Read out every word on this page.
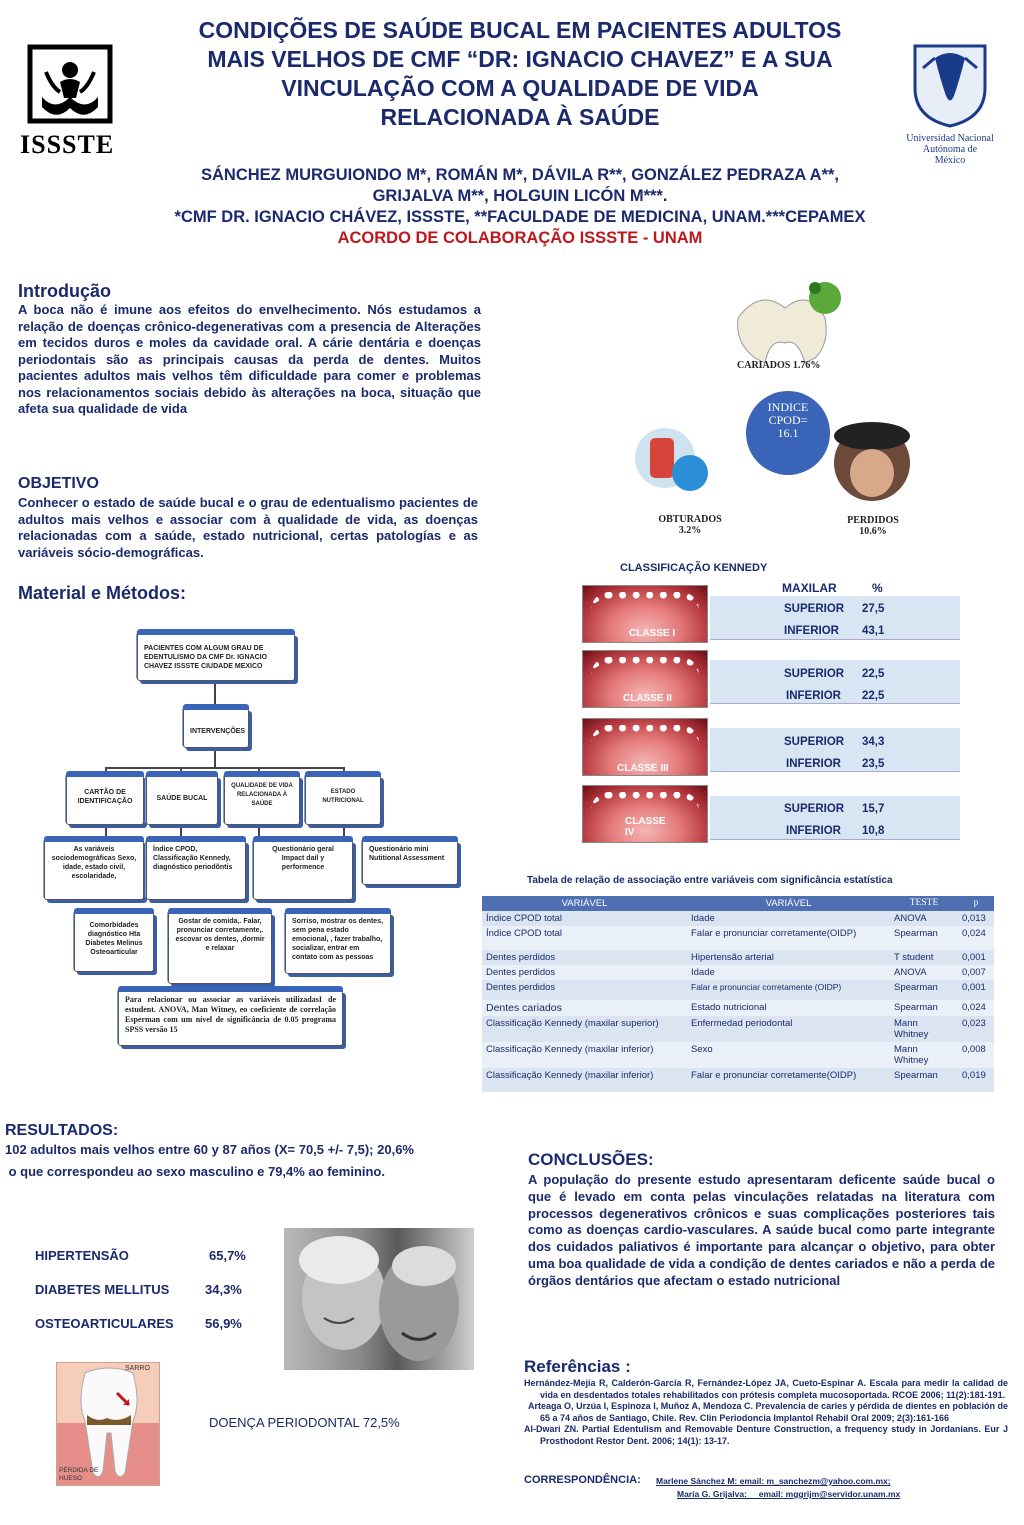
ISSSTE	Universidad Nacional
Autónoma de
México
CONDIÇÕES DE SAÚDE BUCAL EM PACIENTES ADULTOS
MAIS VELHOS DE CMF “DR: IGNACIO CHAVEZ” E A SUA
VINCULAÇÃO COM A QUALIDADE DE VIDA
RELACIONADA À SAÚDE
SÁNCHEZ MURGUIONDO M*, ROMÁN M*, DÁVILA R**, GONZÁLEZ PEDRAZA A**,
GRIJALVA M**, HOLGUIN LICÓN M***.
*CMF DR. IGNACIO CHÁVEZ, ISSSTE, **FACULDADE DE MEDICINA, UNAM.***CEPAMEX
ACORDO DE COLABORAÇÃO ISSSTE - UNAM
Introdução
A boca não é imune aos efeitos do envelhecimento. Nós estudamos a relação de doenças crônico-degenerativas com a presencia de Alterações em tecidos duros e moles da cavidade oral. A cárie dentária e doenças periodontais são as principais causas da perda de dentes. Muitos pacientes adultos mais velhos têm dificuldade para comer e problemas nos relacionamentos sociais debido às alterações na boca, situação que afeta sua qualidade de vida	INDICE
CPOD=
16.1
CARIADOS 1.76%
OBTURADOS
3.2%
PERDIDOS
10.6%
OBJETIVO
Conhecer o estado de saúde bucal e o grau de edentualismo pacientes de adultos mais velhos e associar com à qualidade de vida, as doenças relacionadas com a saúde, estado nutricional, certas patologías e as variáveis sócio-demográficas.
Material e Métodos:
PACIENTES COM ALGUM GRAU DE EDENTULISMO DA CMF Dr. IGNACIO CHAVEZ ISSSTE CIUDADE MEXICO
INTERVENÇÕES
CARTÃO DE IDENTIFICAÇÃO	SAÚDE BUCAL
QUALIDADE DE VIDA RELACIONADA À SAÚDE
ESTADO NUTRICIONAL
As variáveis sociodemográficas Sexo, idade, estado civil, escolaridade,
Índice CPOD, Classificação Kennedy, diagnóstico periodõntis
Questionário geral Impact dail y performence
Questionário mini Nutitional Assessment
Comorbidades diagnóstico Hta Diabetes Melinus Osteoarticular
Gostar de comida,. Falar, pronunciar corretamente,. escovar os dentes, ,dormir e relaxar
Sorriso, mostrar os dentes, sem pena estado emocional, , fazer trabalho, socializar, entrar em contato com as pessoas
Para relacionar ou associar as variáveis utilizadasI de estudent. ANOVA, Man Witney, eo coeficiente de correlação Esperman com um nível de significância de 0.05 programa SPSS versão 15
CLASSIFICAÇÃO KENNEDY
MAXILAR	%
CLASSE I
SUPERIOR 27,5
INFERIOR 43,1
CLASSE II
SUPERIOR 22,5
INFERIOR 22,5
CLASSE III
SUPERIOR 34,3
INFERIOR 23,5
CLASSE IV
SUPERIOR 15,7
INFERIOR 10,8
Tabela de relação de associação entre variáveis com significância estatística
VARIÁVEL	VARIÁVEL	TESTE	p
Índice CPOD total	Idade	ANOVA	0,013
Índice CPOD total	Falar e pronunciar corretamente(OIDP)	Spearman	0,024
Dentes perdidos	Hipertensão arterial	T student	0,001
Dentes perdidos	Idade	ANOVA	0,007
Dentes perdidos	Falar e pronunciar corretamente (OIDP)	Spearman	0,001
Dentes cariados	Estado nutricional	Spearman	0,024
Classificação Kennedy (maxilar superior)	Enfermedad periodontal	Mann Whitney	0,023
Classificação Kennedy (maxilar inferior)	Sexo	Mann Whitney	0,008
Classificação Kennedy (maxilar inferior)	Falar e pronunciar corretamente(OIDP)	Spearman	0,019
RESULTADOS:
102 adultos mais velhos entre 60 y 87 años (X= 70,5 +/- 7,5); 20,6%
o que correspondeu ao sexo masculino e 79,4% ao feminino.
HIPERTENSÃO	65,7%
DIABETES MELLITUS	34,3%
OSTEOARTICULARES 56,9%
SARRO
PÉRDIDA DE HUESO
DOENÇA PERIODONTAL 72,5%
CONCLUSÕES:
A população do presente estudo apresentaram deficente saúde bucal o que é levado em conta pelas vinculações relatadas na literatura com processos degenerativos crônicos e suas complicações posteriores tais como as doenças cardio-vasculares. A saúde bucal como parte integrante dos cuidados paliativos é importante para alcançar o objetivo, para obter uma boa qualidade de vida a condição de dentes cariados e não a perda de órgãos dentários que afectam o estado nutricional
Referências :
Hernández-Mejía R, Calderón-García R, Fernández-López JA, Cueto-Espinar A. Escala para medir la calidad de vida en desdentados totales rehabilitados con prótesis completa mucosoportada. RCOE 2006; 11(2):181-191.
Arteaga O, Urzúa I, Espinoza I, Muñoz A, Mendoza C. Prevalencia de caries y pérdida de dientes en población de 65 a 74 años de Santiago, Chile. Rev. Clin Periodoncia Implantol Rehabil Oral 2009; 2(3):161-166
Al-Dwari ZN. Partial Edentulism and Removable Denture Construction, a frequency study in Jordanians. Eur J Prosthodont Restor Dent. 2006; 14(1): 13-17.
CORRESPONDÊNCIA: Marlene Sánchez M: email: m_sanchezm@yahoo.com.mx;
María G. Grijalva:     email: mggrijm@servidor.unam.mx
